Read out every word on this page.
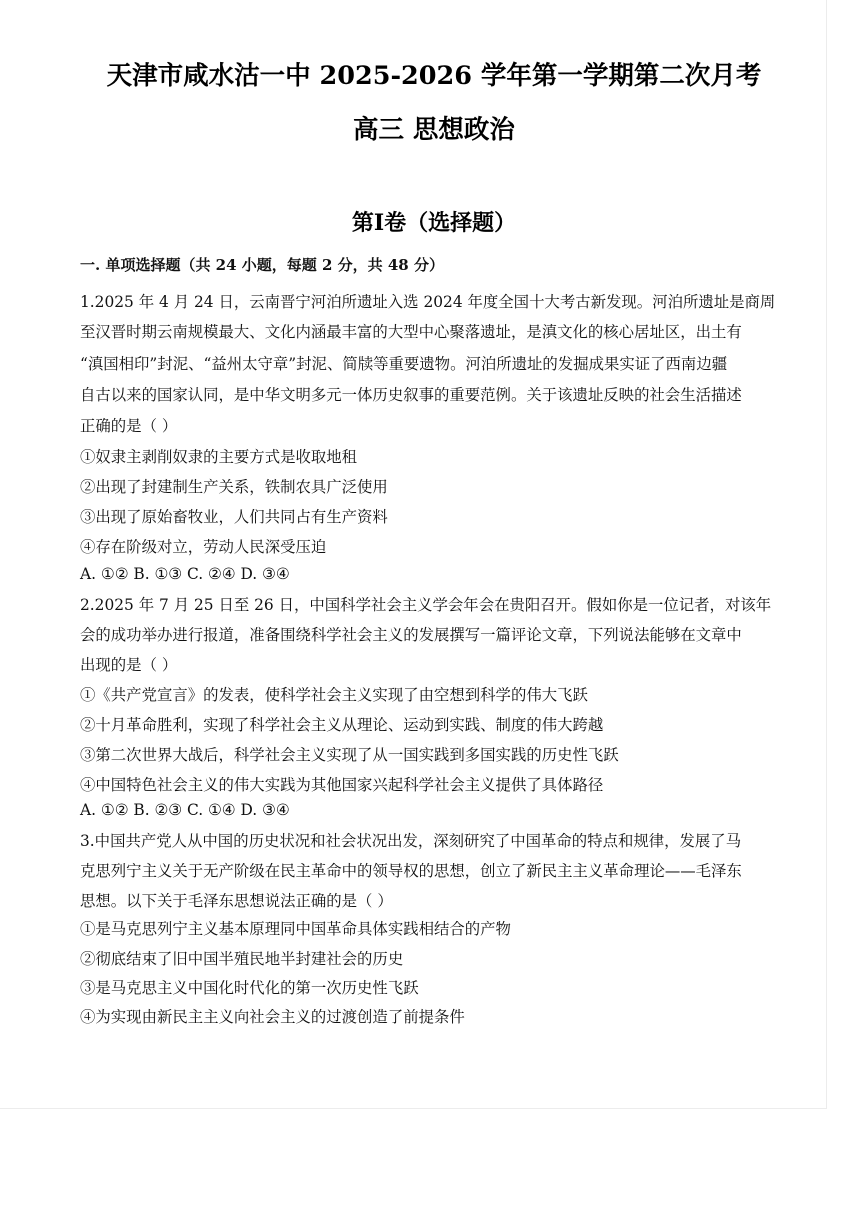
天津市咸水沽一中 2025-2026 学年第一学期第二次月考
高三 思想政治
第Ⅰ卷（选择题）
一. 单项选择题（共 24 小题，每题 2 分，共 48 分）
1.2025 年 4 月 24 日，云南晋宁河泊所遗址入选 2024 年度全国十大考古新发现。河泊所遗址是商周
至汉晋时期云南规模最大、文化内涵最丰富的大型中心聚落遗址，是滇文化的核心居址区，出土有
“滇国相印”封泥、“益州太守章”封泥、简牍等重要遗物。河泊所遗址的发掘成果实证了西南边疆
自古以来的国家认同，是中华文明多元一体历史叙事的重要范例。关于该遗址反映的社会生活描述
正确的是（ ）
①奴隶主剥削奴隶的主要方式是收取地租
②出现了封建制生产关系，铁制农具广泛使用
③出现了原始畜牧业，人们共同占有生产资料
④存在阶级对立，劳动人民深受压迫
A. ①② B. ①③ C. ②④ D. ③④
2.2025 年 7 月 25 日至 26 日，中国科学社会主义学会年会在贵阳召开。假如你是一位记者，对该年
会的成功举办进行报道，准备围绕科学社会主义的发展撰写一篇评论文章，下列说法能够在文章中
出现的是（ ）
①《共产党宣言》的发表，使科学社会主义实现了由空想到科学的伟大飞跃
②十月革命胜利，实现了科学社会主义从理论、运动到实践、制度的伟大跨越
③第二次世界大战后，科学社会主义实现了从一国实践到多国实践的历史性飞跃
④中国特色社会主义的伟大实践为其他国家兴起科学社会主义提供了具体路径
A. ①② B. ②③ C. ①④ D. ③④
3.中国共产党人从中国的历史状况和社会状况出发，深刻研究了中国革命的特点和规律，发展了马
克思列宁主义关于无产阶级在民主革命中的领导权的思想，创立了新民主主义革命理论——毛泽东
思想。以下关于毛泽东思想说法正确的是（ ）
①是马克思列宁主义基本原理同中国革命具体实践相结合的产物
②彻底结束了旧中国半殖民地半封建社会的历史
③是马克思主义中国化时代化的第一次历史性飞跃
④为实现由新民主主义向社会主义的过渡创造了前提条件
